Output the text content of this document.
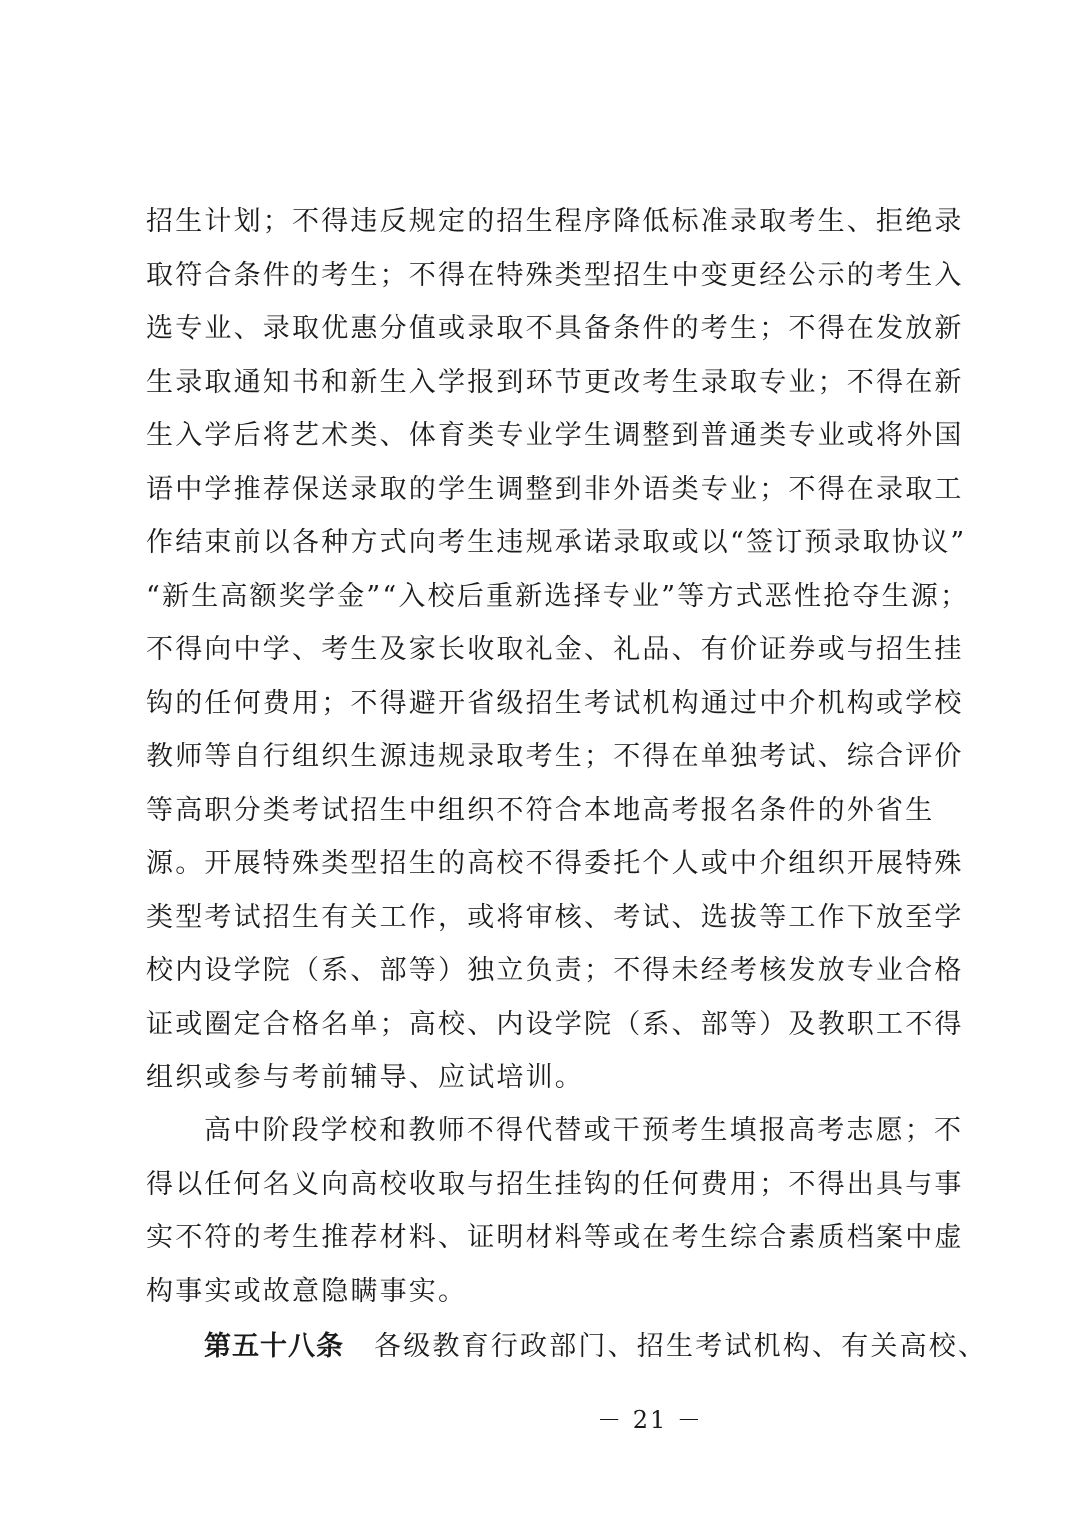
招生计划；不得违反规定的招生程序降低标准录取考生、拒绝录
取符合条件的考生；不得在特殊类型招生中变更经公示的考生入
选专业、录取优惠分值或录取不具备条件的考生；不得在发放新
生录取通知书和新生入学报到环节更改考生录取专业；不得在新
生入学后将艺术类、体育类专业学生调整到普通类专业或将外国
语中学推荐保送录取的学生调整到非外语类专业；不得在录取工
作结束前以各种方式向考生违规承诺录取或以“签订预录取协议”
“新生高额奖学金”“入校后重新选择专业”等方式恶性抢夺生源；
不得向中学、考生及家长收取礼金、礼品、有价证券或与招生挂
钩的任何费用；不得避开省级招生考试机构通过中介机构或学校
教师等自行组织生源违规录取考生；不得在单独考试、综合评价
等高职分类考试招生中组织不符合本地高考报名条件的外省生
源。开展特殊类型招生的高校不得委托个人或中介组织开展特殊
类型考试招生有关工作，或将审核、考试、选拔等工作下放至学
校内设学院（系、部等）独立负责；不得未经考核发放专业合格
证或圈定合格名单；高校、内设学院（系、部等）及教职工不得
组织或参与考前辅导、应试培训。
高中阶段学校和教师不得代替或干预考生填报高考志愿；不
得以任何名义向高校收取与招生挂钩的任何费用；不得出具与事
实不符的考生推荐材料、证明材料等或在考生综合素质档案中虚
构事实或故意隐瞒事实。
第五十八条 各级教育行政部门、招生考试机构、有关高校、
－ 21 －
